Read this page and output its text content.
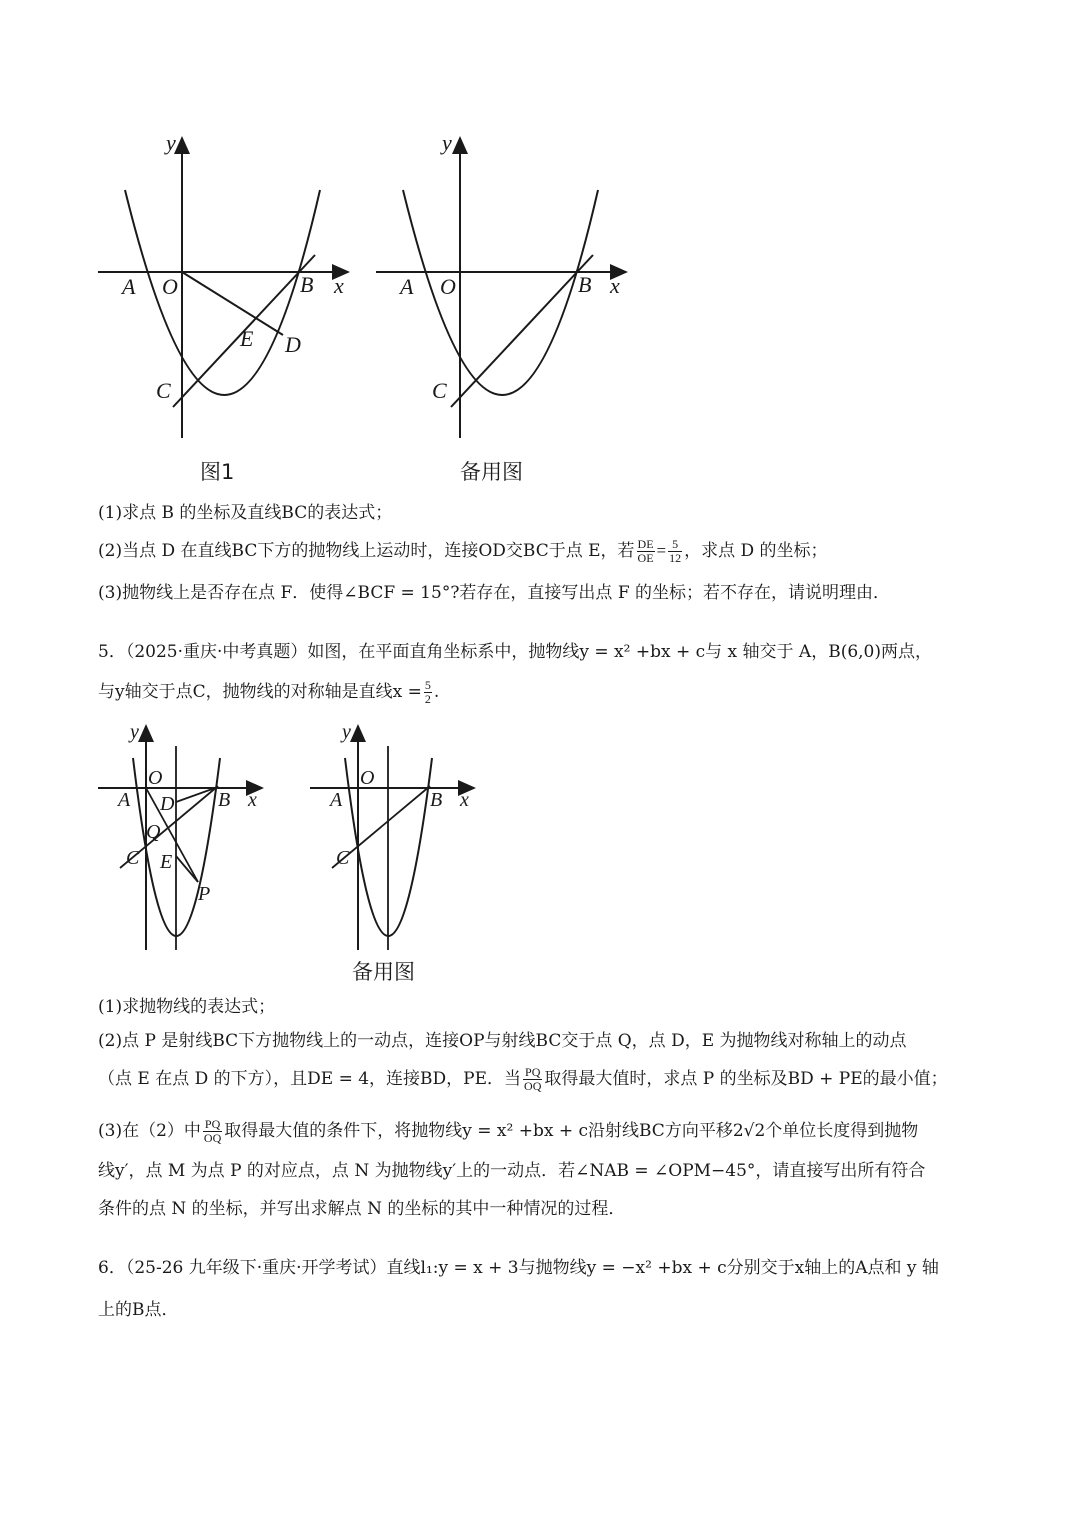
y
x
A O	B
C
E D
图1
y
x
A O	B
C
备用图
(1)求点 B 的坐标及直线BC的表达式；
(2)当点 D 在直线BC下方的抛物线上运动时，连接OD交BC于点 E，若 $\frac{DE}{OE} = \frac{5}{12}$ ，求点 D 的坐标；
(3)抛物线上是否存在点 F．使得∠BCF = 15°?若存在，直接写出点 F 的坐标；若不存在，请说明理由．
5．（2025·重庆·中考真题）如图，在平面直角坐标系中，抛物线y = x² +bx + c与 x 轴交于 A，B(6,0)两点，
与y轴交于点C，抛物线的对称轴是直线$x = \frac{5}{2}$ .
y
x
A
O
B
D
Q
C E
P
y
x
A
O
B
C
备用图
(1)求抛物线的表达式；
(2)点 P 是射线BC下方抛物线上的一动点，连接OP与射线BC交于点 Q，点 D，E 为抛物线对称轴上的动点
（点 E 在点 D 的下方），且DE = 4，连接BD，PE．当 $\frac{PQ}{OQ}$ 取得最大值时，求点 P 的坐标及BD + PE的最小值；
(3)在（2）中 $\frac{PQ}{OQ}$ 取得最大值的条件下，将抛物线y = x² +bx + c沿射线BC方向平移2√2个单位长度得到抛物
线y′，点 M 为点 P 的对应点，点 N 为抛物线y′上的一动点．若∠NAB = ∠OPM−45°，请直接写出所有符合
条件的点 N 的坐标，并写出求解点 N 的坐标的其中一种情况的过程．
6．（25-26 九年级下·重庆·开学考试）直线l₁:y = x + 3与抛物线y = −x² +bx + c分别交于x轴上的A点和 y 轴
上的B点．
